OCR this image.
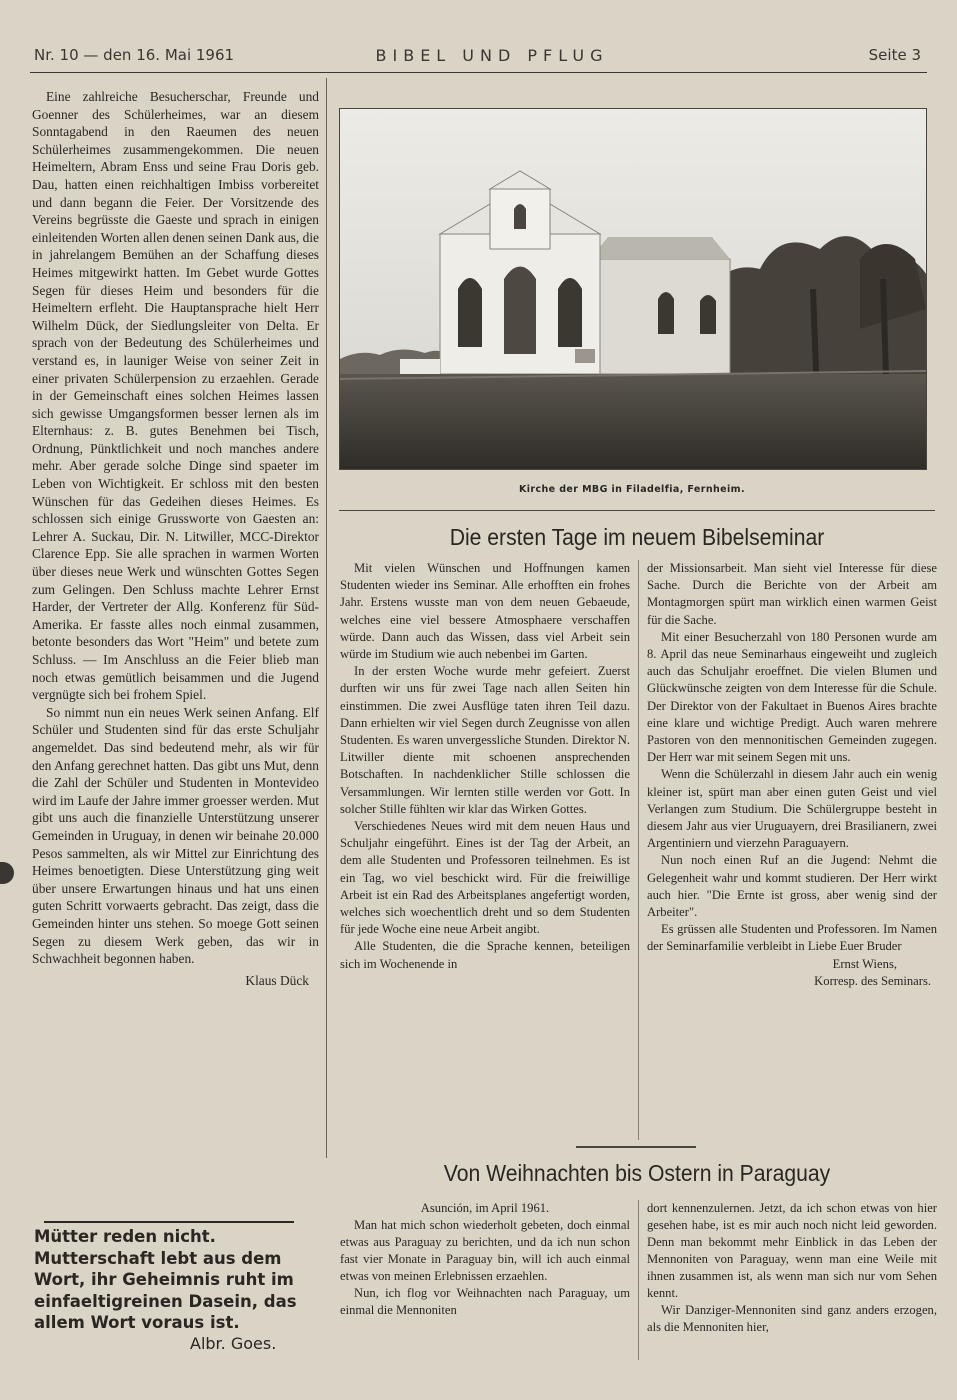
Nr. 10 — den 16. Mai 1961	BIBEL UND PFLUG	Seite 3

Eine zahlreiche Besucherschar, Freunde und Goenner des Schülerheimes, war an diesem Sonntagabend in den Raeumen des neuen Schülerheimes zusammengekommen. Die neuen Heimeltern, Abram Enss und seine Frau Doris geb. Dau, hatten einen reichhaltigen Imbiss vorbereitet und dann begann die Feier. Der Vorsitzende des Vereins begrüsste die Gaeste und sprach in einigen einleitenden Worten allen denen seinen Dank aus, die in jahrelangem Bemühen an der Schaffung dieses Heimes mitgewirkt hatten. Im Gebet wurde Gottes Segen für dieses Heim und besonders für die Heimeltern erfleht. Die Hauptansprache hielt Herr Wilhelm Dück, der Siedlungsleiter von Delta. Er sprach von der Bedeutung des Schülerheimes und verstand es, in launiger Weise von seiner Zeit in einer privaten Schülerpension zu erzaehlen. Gerade in der Gemeinschaft eines solchen Heimes lassen sich gewisse Umgangsformen besser lernen als im Elternhaus: z. B. gutes Benehmen bei Tisch, Ordnung, Pünktlichkeit und noch manches andere mehr. Aber gerade solche Dinge sind spaeter im Leben von Wichtigkeit. Er schloss mit den besten Wünschen für das Gedeihen dieses Heimes. Es schlossen sich einige Grussworte von Gaesten an: Lehrer A. Suckau, Dir. N. Litwiller, MCC-Direktor Clarence Epp. Sie alle sprachen in warmen Worten über dieses neue Werk und wünschten Gottes Segen zum Gelingen. Den Schluss machte Lehrer Ernst Harder, der Vertreter der Allg. Konferenz für Süd-Amerika. Er fasste alles noch einmal zusammen, betonte besonders das Wort "Heim" und betete zum Schluss. — Im Anschluss an die Feier blieb man noch etwas gemütlich beisammen und die Jugend vergnügte sich bei frohem Spiel.

So nimmt nun ein neues Werk seinen Anfang. Elf Schüler und Studenten sind für das erste Schuljahr angemeldet. Das sind bedeutend mehr, als wir für den Anfang gerechnet hatten. Das gibt uns Mut, denn die Zahl der Schüler und Studenten in Montevideo wird im Laufe der Jahre immer groesser werden. Mut gibt uns auch die finanzielle Unterstützung unserer Gemeinden in Uruguay, in denen wir beinahe 20.000 Pesos sammelten, als wir Mittel zur Einrichtung des Heimes benoetigten. Diese Unterstützung ging weit über unsere Erwartungen hinaus und hat uns einen guten Schritt vorwaerts gebracht. Das zeigt, dass die Gemeinden hinter uns stehen. So moege Gott seinen Segen zu diesem Werk geben, das wir in Schwachheit begonnen haben.

Klaus Dück
Mütter reden nicht. Mutterschaft lebt aus dem Wort, ihr Geheimnis ruht im einfaeltigreinen Dasein, das allem Wort voraus ist.
Albr. Goes.
Kirche der MBG in Filadelfia, Fernheim.
Die ersten Tage im neuem Bibelseminar

Mit vielen Wünschen und Hoffnungen kamen Studenten wieder ins Seminar. Alle erhofften ein frohes Jahr. Erstens wusste man von dem neuen Gebaeude, welches eine viel bessere Atmosphaere verschaffen würde. Dann auch das Wissen, dass viel Arbeit sein würde im Studium wie auch nebenbei im Garten.

In der ersten Woche wurde mehr gefeiert. Zuerst durften wir uns für zwei Tage nach allen Seiten hin einstimmen. Die zwei Ausflüge taten ihren Teil dazu. Dann erhielten wir viel Segen durch Zeugnisse von allen Studenten. Es waren unvergessliche Stunden. Direktor N. Litwiller diente mit schoenen ansprechenden Botschaften. In nachdenklicher Stille schlossen die Versammlungen. Wir lernten stille werden vor Gott. In solcher Stille fühlten wir klar das Wirken Gottes.

Verschiedenes Neues wird mit dem neuen Haus und Schuljahr eingeführt. Eines ist der Tag der Arbeit, an dem alle Studenten und Professoren teilnehmen. Es ist ein Tag, wo viel beschickt wird. Für die freiwillige Arbeit ist ein Rad des Arbeitsplanes angefertigt worden, welches sich woechentlich dreht und so dem Studenten für jede Woche eine neue Arbeit angibt.

Alle Studenten, die die Sprache kennen, beteiligen sich im Wochenende in

der Missionsarbeit. Man sieht viel Interesse für diese Sache. Durch die Berichte von der Arbeit am Montagmorgen spürt man wirklich einen warmen Geist für die Sache.

Mit einer Besucherzahl von 180 Personen wurde am 8. April das neue Seminarhaus eingeweiht und zugleich auch das Schuljahr eroeffnet. Die vielen Blumen und Glückwünsche zeigten von dem Interesse für die Schule. Der Direktor von der Fakultaet in Buenos Aires brachte eine klare und wichtige Predigt. Auch waren mehrere Pastoren von den mennonitischen Gemeinden zugegen. Der Herr war mit seinem Segen mit uns.

Wenn die Schülerzahl in diesem Jahr auch ein wenig kleiner ist, spürt man aber einen guten Geist und viel Verlangen zum Studium. Die Schülergruppe besteht in diesem Jahr aus vier Uruguayern, drei Brasilianern, zwei Argentiniern und vierzehn Paraguayern.

Nun noch einen Ruf an die Jugend: Nehmt die Gelegenheit wahr und kommt studieren. Der Herr wirkt auch hier. "Die Ernte ist gross, aber wenig sind der Arbeiter".

Es grüssen alle Studenten und Professoren. Im Namen der Seminarfamilie verbleibt in Liebe Euer Bruder

Ernst Wiens,
Korresp. des Seminars.
Von Weihnachten bis Ostern in Paraguay

Asunción, im April 1961.

Man hat mich schon wiederholt gebeten, doch einmal etwas aus Paraguay zu berichten, und da ich nun schon fast vier Monate in Paraguay bin, will ich auch einmal etwas von meinen Erlebnissen erzaehlen.

Nun, ich flog vor Weihnachten nach Paraguay, um einmal die Mennoniten

dort kennenzulernen. Jetzt, da ich schon etwas von hier gesehen habe, ist es mir auch noch nicht leid geworden. Denn man bekommt mehr Einblick in das Leben der Mennoniten von Paraguay, wenn man eine Weile mit ihnen zusammen ist, als wenn man sich nur vom Sehen kennt.

Wir Danziger-Mennoniten sind ganz anders erzogen, als die Mennoniten hier,
